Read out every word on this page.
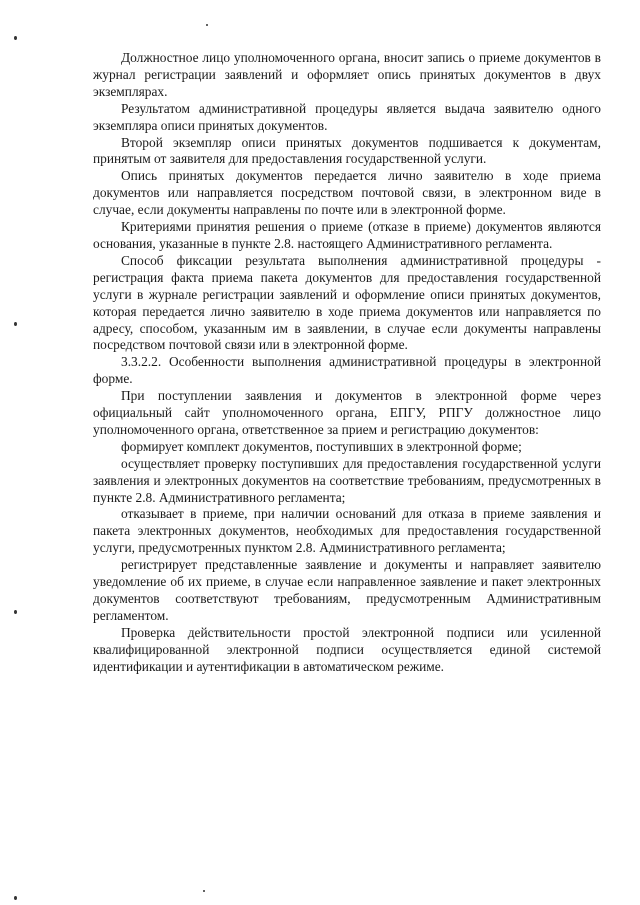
Должностное лицо уполномоченного органа, вносит запись о приеме документов в журнал регистрации заявлений и оформляет опись принятых документов в двух экземплярах.

Результатом административной процедуры является выдача заявителю одного экземпляра описи принятых документов.

Второй экземпляр описи принятых документов подшивается к документам, принятым от заявителя для предоставления государственной услуги.

Опись принятых документов передается лично заявителю в ходе приема документов или направляется посредством почтовой связи, в электронном виде в случае, если документы направлены по почте или в электронной форме.

Критериями принятия решения о приеме (отказе в приеме) документов являются основания, указанные в пункте 2.8. настоящего Административного регламента.

Способ фиксации результата выполнения административной процедуры - регистрация факта приема пакета документов для предоставления государственной услуги в журнале регистрации заявлений и оформление описи принятых документов, которая передается лично заявителю в ходе приема документов или направляется по адресу, способом, указанным им в заявлении, в случае если документы направлены посредством почтовой связи или в электронной форме.

3.3.2.2. Особенности выполнения административной процедуры в электронной форме.

При поступлении заявления и документов в электронной форме через официальный сайт уполномоченного органа, ЕПГУ, РПГУ должностное лицо уполномоченного органа, ответственное за прием и регистрацию документов:

формирует комплект документов, поступивших в электронной форме;

осуществляет проверку поступивших для предоставления государственной услуги заявления и электронных документов на соответствие требованиям, предусмотренных в пункте 2.8. Административного регламента;

отказывает в приеме, при наличии оснований для отказа в приеме заявления и пакета электронных документов, необходимых для предоставления государственной услуги, предусмотренных пунктом 2.8. Административного регламента;

регистрирует представленные заявление и документы и направляет заявителю уведомление об их приеме, в случае если направленное заявление и пакет электронных документов соответствуют требованиям, предусмотренным Административным регламентом.

Проверка действительности простой электронной подписи или усиленной квалифицированной электронной подписи осуществляется единой системой идентификации и аутентификации в автоматическом режиме.
